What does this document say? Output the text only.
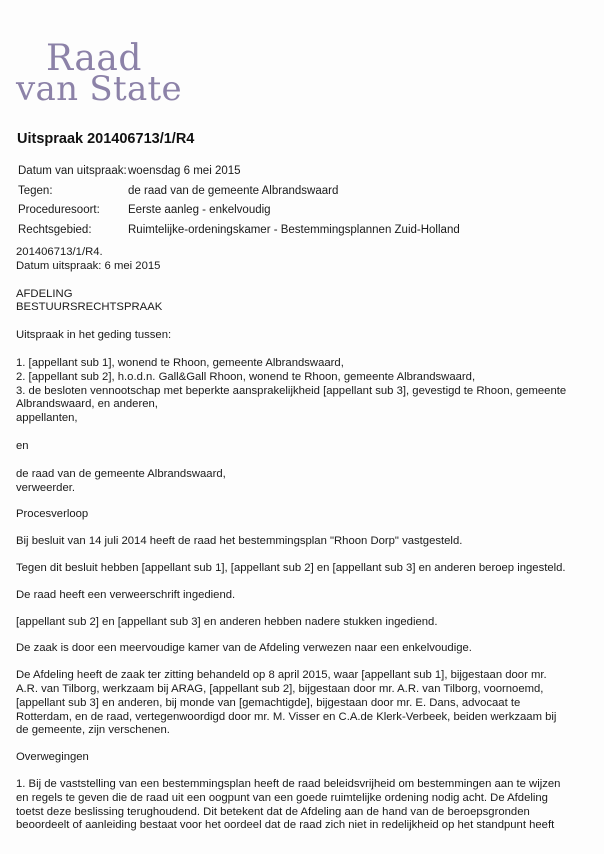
Raad
van State
Uitspraak 201406713/1/R4
Datum van uitspraak: woensdag 6 mei 2015
Tegen:	de raad van de gemeente Albrandswaard
Proceduresoort:	Eerste aanleg - enkelvoudig
Rechtsgebied:	Ruimtelijke-ordeningskamer - Bestemmingsplannen Zuid-Holland
201406713/1/R4.
Datum uitspraak: 6 mei 2015
AFDELING
BESTUURSRECHTSPRAAK

Uitspraak in het geding tussen:

1. [appellant sub 1], wonend te Rhoon, gemeente Albrandswaard,
2. [appellant sub 2], h.o.d.n. Gall&Gall Rhoon, wonend te Rhoon, gemeente Albrandswaard,
3. de besloten vennootschap met beperkte aansprakelijkheid [appellant sub 3], gevestigd te Rhoon, gemeente
Albrandswaard, en anderen,
appellanten,

en

de raad van de gemeente Albrandswaard,
verweerder.

Procesverloop

Bij besluit van 14 juli 2014 heeft de raad het bestemmingsplan "Rhoon Dorp" vastgesteld.

Tegen dit besluit hebben [appellant sub 1], [appellant sub 2] en [appellant sub 3] en anderen beroep ingesteld.

De raad heeft een verweerschrift ingediend.

[appellant sub 2] en [appellant sub 3] en anderen hebben nadere stukken ingediend.

De zaak is door een meervoudige kamer van de Afdeling verwezen naar een enkelvoudige.

De Afdeling heeft de zaak ter zitting behandeld op 8 april 2015, waar [appellant sub 1], bijgestaan door mr.
A.R. van Tilborg, werkzaam bij ARAG, [appellant sub 2], bijgestaan door mr. A.R. van Tilborg, voornoemd,
[appellant sub 3] en anderen, bij monde van [gemachtigde], bijgestaan door mr. E. Dans, advocaat te
Rotterdam, en de raad, vertegenwoordigd door mr. M. Visser en C.A.de Klerk-Verbeek, beiden werkzaam bij
de gemeente, zijn verschenen.

Overwegingen

1. Bij de vaststelling van een bestemmingsplan heeft de raad beleidsvrijheid om bestemmingen aan te wijzen
en regels te geven die de raad uit een oogpunt van een goede ruimtelijke ordening nodig acht. De Afdeling
toetst deze beslissing terughoudend. Dit betekent dat de Afdeling aan de hand van de beroepsgronden
beoordeelt of aanleiding bestaat voor het oordeel dat de raad zich niet in redelijkheid op het standpunt heeft
